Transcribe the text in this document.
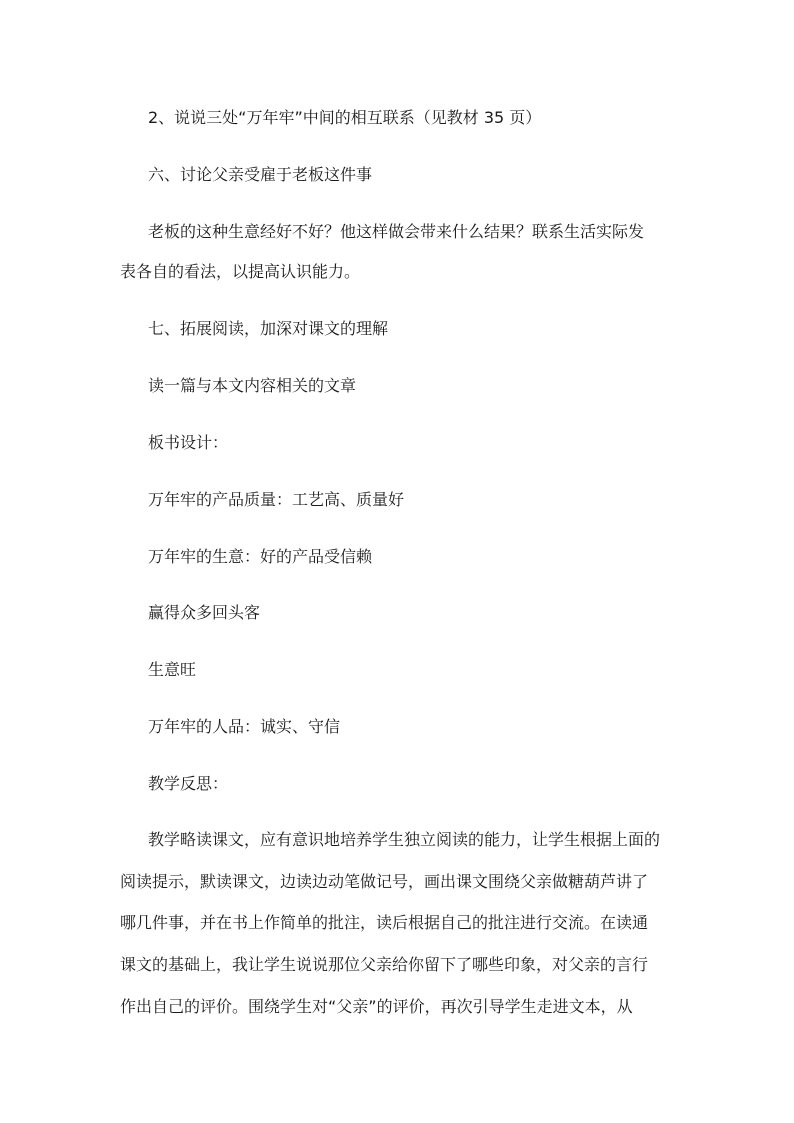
2、说说三处“万年牢”中间的相互联系（见教材 35 页）
六、讨论父亲受雇于老板这件事
老板的这种生意经好不好？他这样做会带来什么结果？联系生活实际发
表各自的看法，以提高认识能力。
七、拓展阅读，加深对课文的理解
读一篇与本文内容相关的文章
板书设计：
万年牢的产品质量：工艺高、质量好
万年牢的生意：好的产品受信赖
赢得众多回头客
生意旺
万年牢的人品：诚实、守信
教学反思：
教学略读课文，应有意识地培养学生独立阅读的能力，让学生根据上面的
阅读提示，默读课文，边读边动笔做记号，画出课文围绕父亲做糖葫芦讲了
哪几件事，并在书上作简单的批注，读后根据自己的批注进行交流。在读通
课文的基础上，我让学生说说那位父亲给你留下了哪些印象，对父亲的言行
作出自己的评价。围绕学生对“父亲”的评价，再次引导学生走进文本，从
